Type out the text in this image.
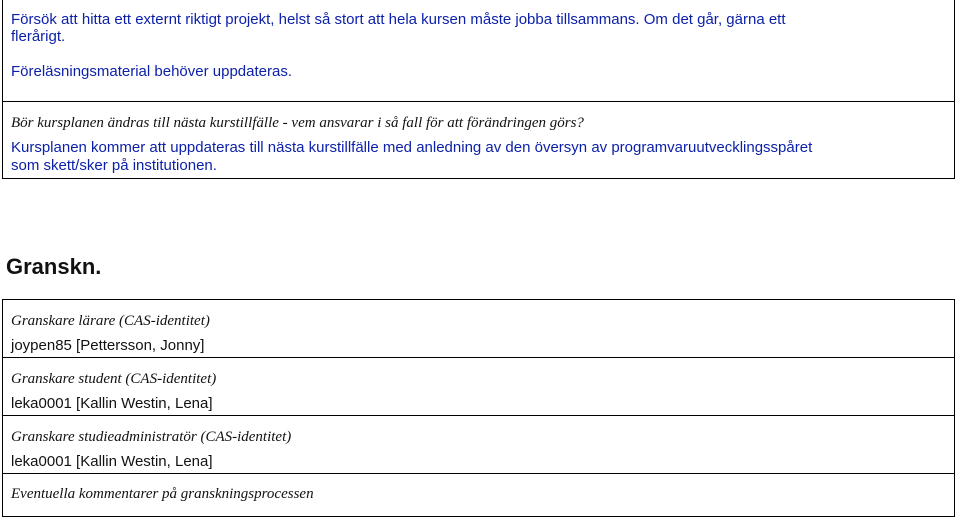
Försök att hitta ett externt riktigt projekt, helst så stort att hela kursen måste jobba tillsammans. Om det går, gärna ett

flerårigt.

Föreläsningsmaterial behöver uppdateras.

Bör kursplanen ändras till nästa kurstillfälle - vem ansvarar i så fall för att förändringen görs?

Kursplanen kommer att uppdateras till nästa kurstillfälle med anledning av den översyn av programvaruutvecklingsspåret

som skett/sker på institutionen.

Granskn.

Granskare lärare (CAS-identitet)

joypen85 [Pettersson, Jonny]

Granskare student (CAS-identitet)

leka0001 [Kallin Westin, Lena]

Granskare studieadministratör (CAS-identitet)

leka0001 [Kallin Westin, Lena]

Eventuella kommentarer på granskningsprocessen
